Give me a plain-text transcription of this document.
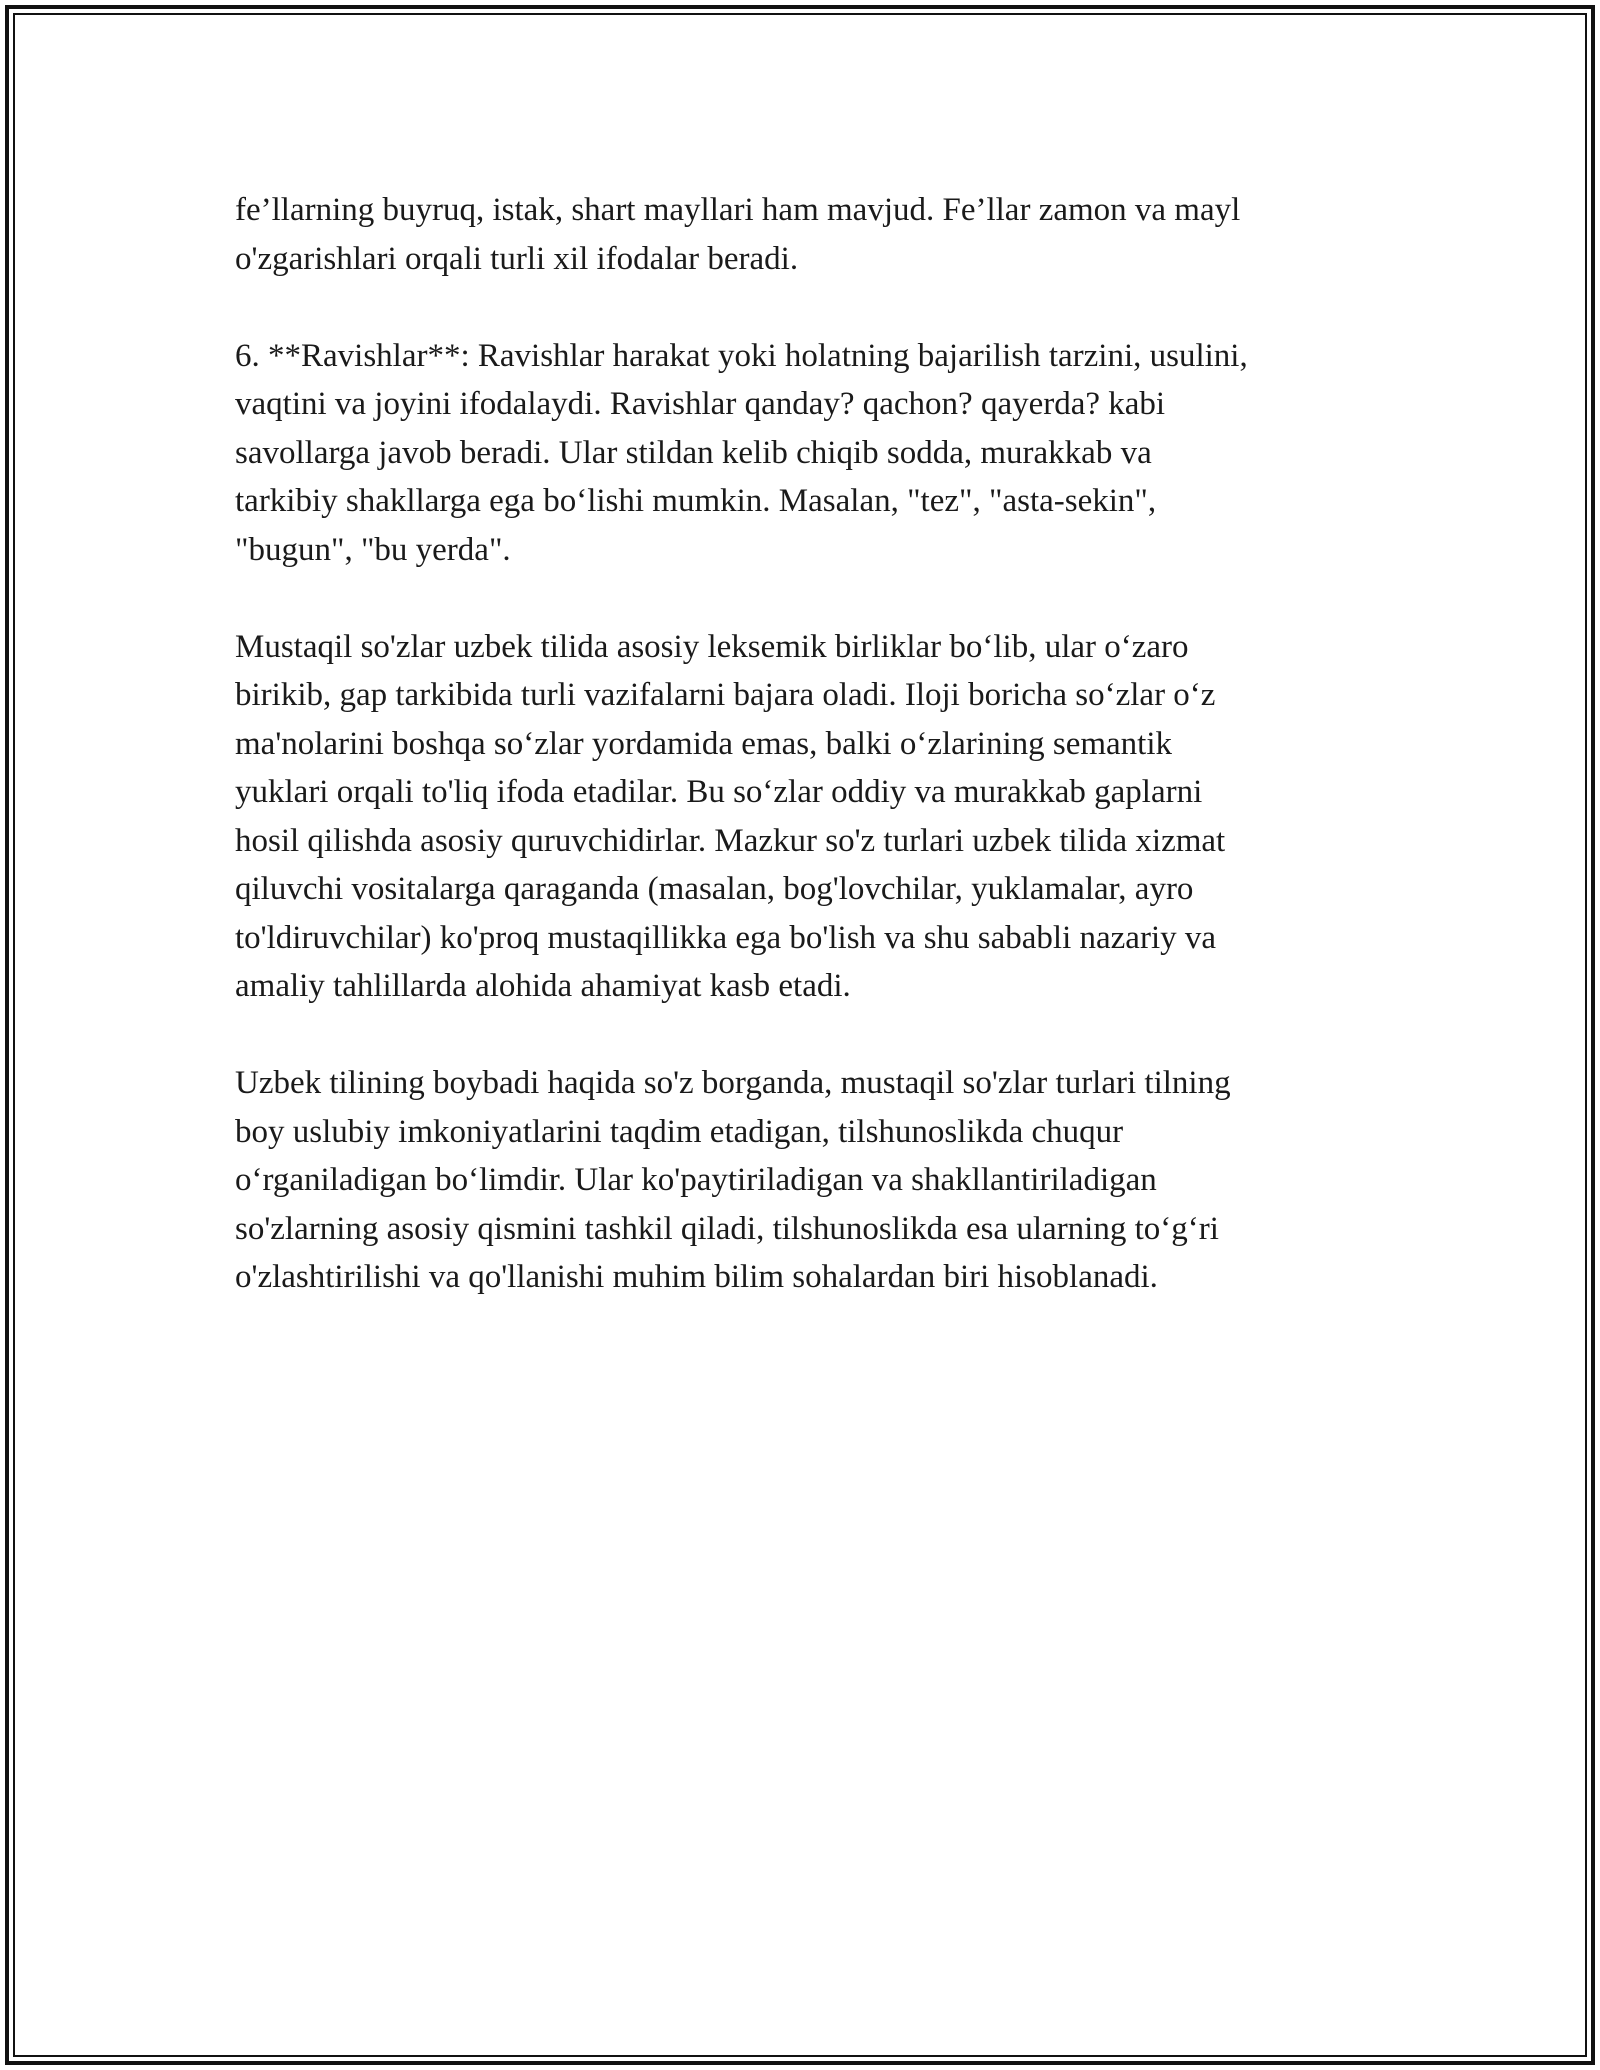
fe’llarning buyruq, istak, shart mayllari ham mavjud. Fe’llar zamon va mayl
o'zgarishlari orqali turli xil ifodalar beradi.

6. **Ravishlar**: Ravishlar harakat yoki holatning bajarilish tarzini, usulini,
vaqtini va joyini ifodalaydi. Ravishlar qanday? qachon? qayerda? kabi
savollarga javob beradi. Ular stildan kelib chiqib sodda, murakkab va
tarkibiy shakllarga ega bo‘lishi mumkin. Masalan, "tez", "asta-sekin",
"bugun", "bu yerda".

Mustaqil so'zlar uzbek tilida asosiy leksemik birliklar bo‘lib, ular o‘zaro
birikib, gap tarkibida turli vazifalarni bajara oladi. Iloji boricha so‘zlar o‘z
ma'nolarini boshqa so‘zlar yordamida emas, balki o‘zlarining semantik
yuklari orqali to'liq ifoda etadilar. Bu so‘zlar oddiy va murakkab gaplarni
hosil qilishda asosiy quruvchidirlar. Mazkur so'z turlari uzbek tilida xizmat
qiluvchi vositalarga qaraganda (masalan, bog'lovchilar, yuklamalar, ayro
to'ldiruvchilar) ko'proq mustaqillikka ega bo'lish va shu sababli nazariy va
amaliy tahlillarda alohida ahamiyat kasb etadi.

Uzbek tilining boybadi haqida so'z borganda, mustaqil so'zlar turlari tilning
boy uslubiy imkoniyatlarini taqdim etadigan, tilshunoslikda chuqur
o‘rganiladigan bo‘limdir. Ular ko'paytiriladigan va shakllantiriladigan
so'zlarning asosiy qismini tashkil qiladi, tilshunoslikda esa ularning to‘g‘ri
o'zlashtirilishi va qo'llanishi muhim bilim sohalardan biri hisoblanadi.
